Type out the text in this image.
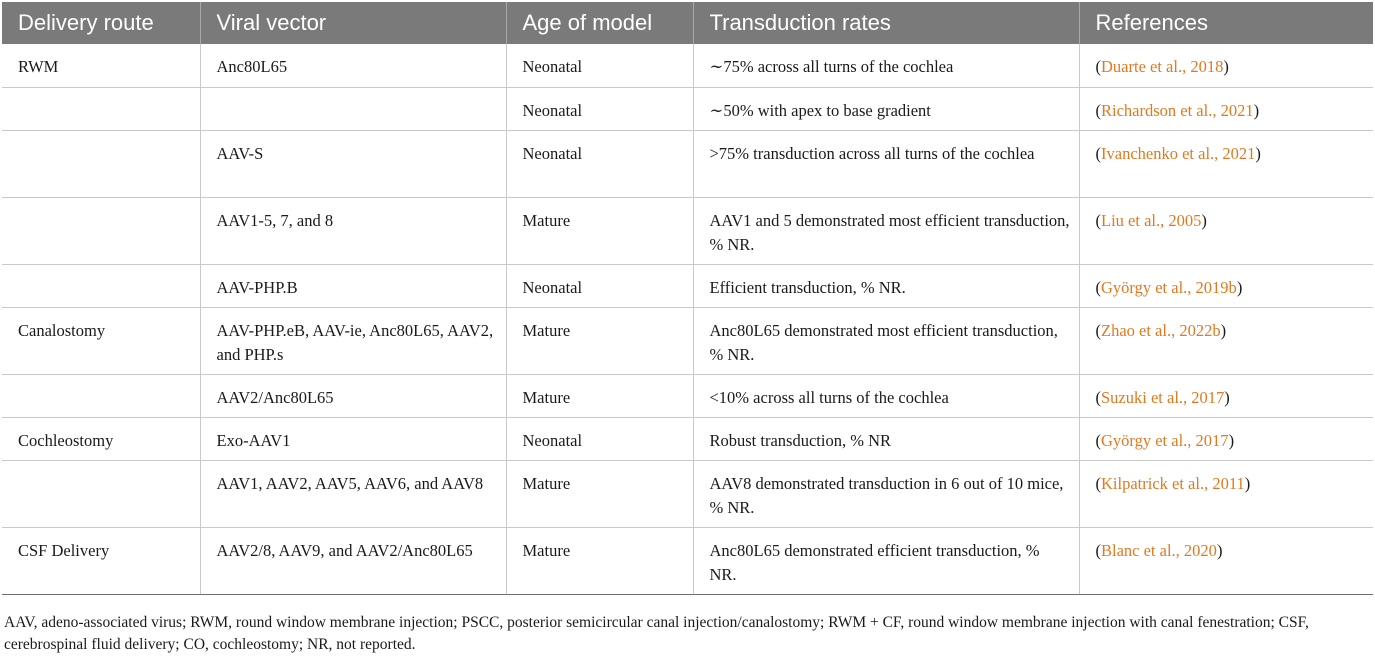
Delivery route	Viral vector	Age of model	Transduction rates	References
RWM	Anc80L65	Neonatal	∼75% across all turns of the cochlea	(Duarte et al., 2018)
		Neonatal	∼50% with apex to base gradient	(Richardson et al., 2021)
	AAV-S	Neonatal	>75% transduction across all turns of the cochlea	(Ivanchenko et al., 2021)
	AAV1-5, 7, and 8	Mature	AAV1 and 5 demonstrated most efficient transduction, % NR.	(Liu et al., 2005)
	AAV-PHP.B	Neonatal	Efficient transduction, % NR.	(György et al., 2019b)
Canalostomy	AAV-PHP.eB, AAV-ie, Anc80L65, AAV2, and PHP.s	Mature	Anc80L65 demonstrated most efficient transduction, % NR.	(Zhao et al., 2022b)
	AAV2/Anc80L65	Mature	<10% across all turns of the cochlea	(Suzuki et al., 2017)
Cochleostomy	Exo-AAV1	Neonatal	Robust transduction, % NR	(György et al., 2017)
	AAV1, AAV2, AAV5, AAV6, and AAV8	Mature	AAV8 demonstrated transduction in 6 out of 10 mice, % NR.	(Kilpatrick et al., 2011)
CSF Delivery	AAV2/8, AAV9, and AAV2/Anc80L65	Mature	Anc80L65 demonstrated efficient transduction, % NR.	(Blanc et al., 2020)
AAV, adeno-associated virus; RWM, round window membrane injection; PSCC, posterior semicircular canal injection/canalostomy; RWM + CF, round window membrane injection with canal fenestration; CSF, cerebrospinal fluid delivery; CO, cochleostomy; NR, not reported.
